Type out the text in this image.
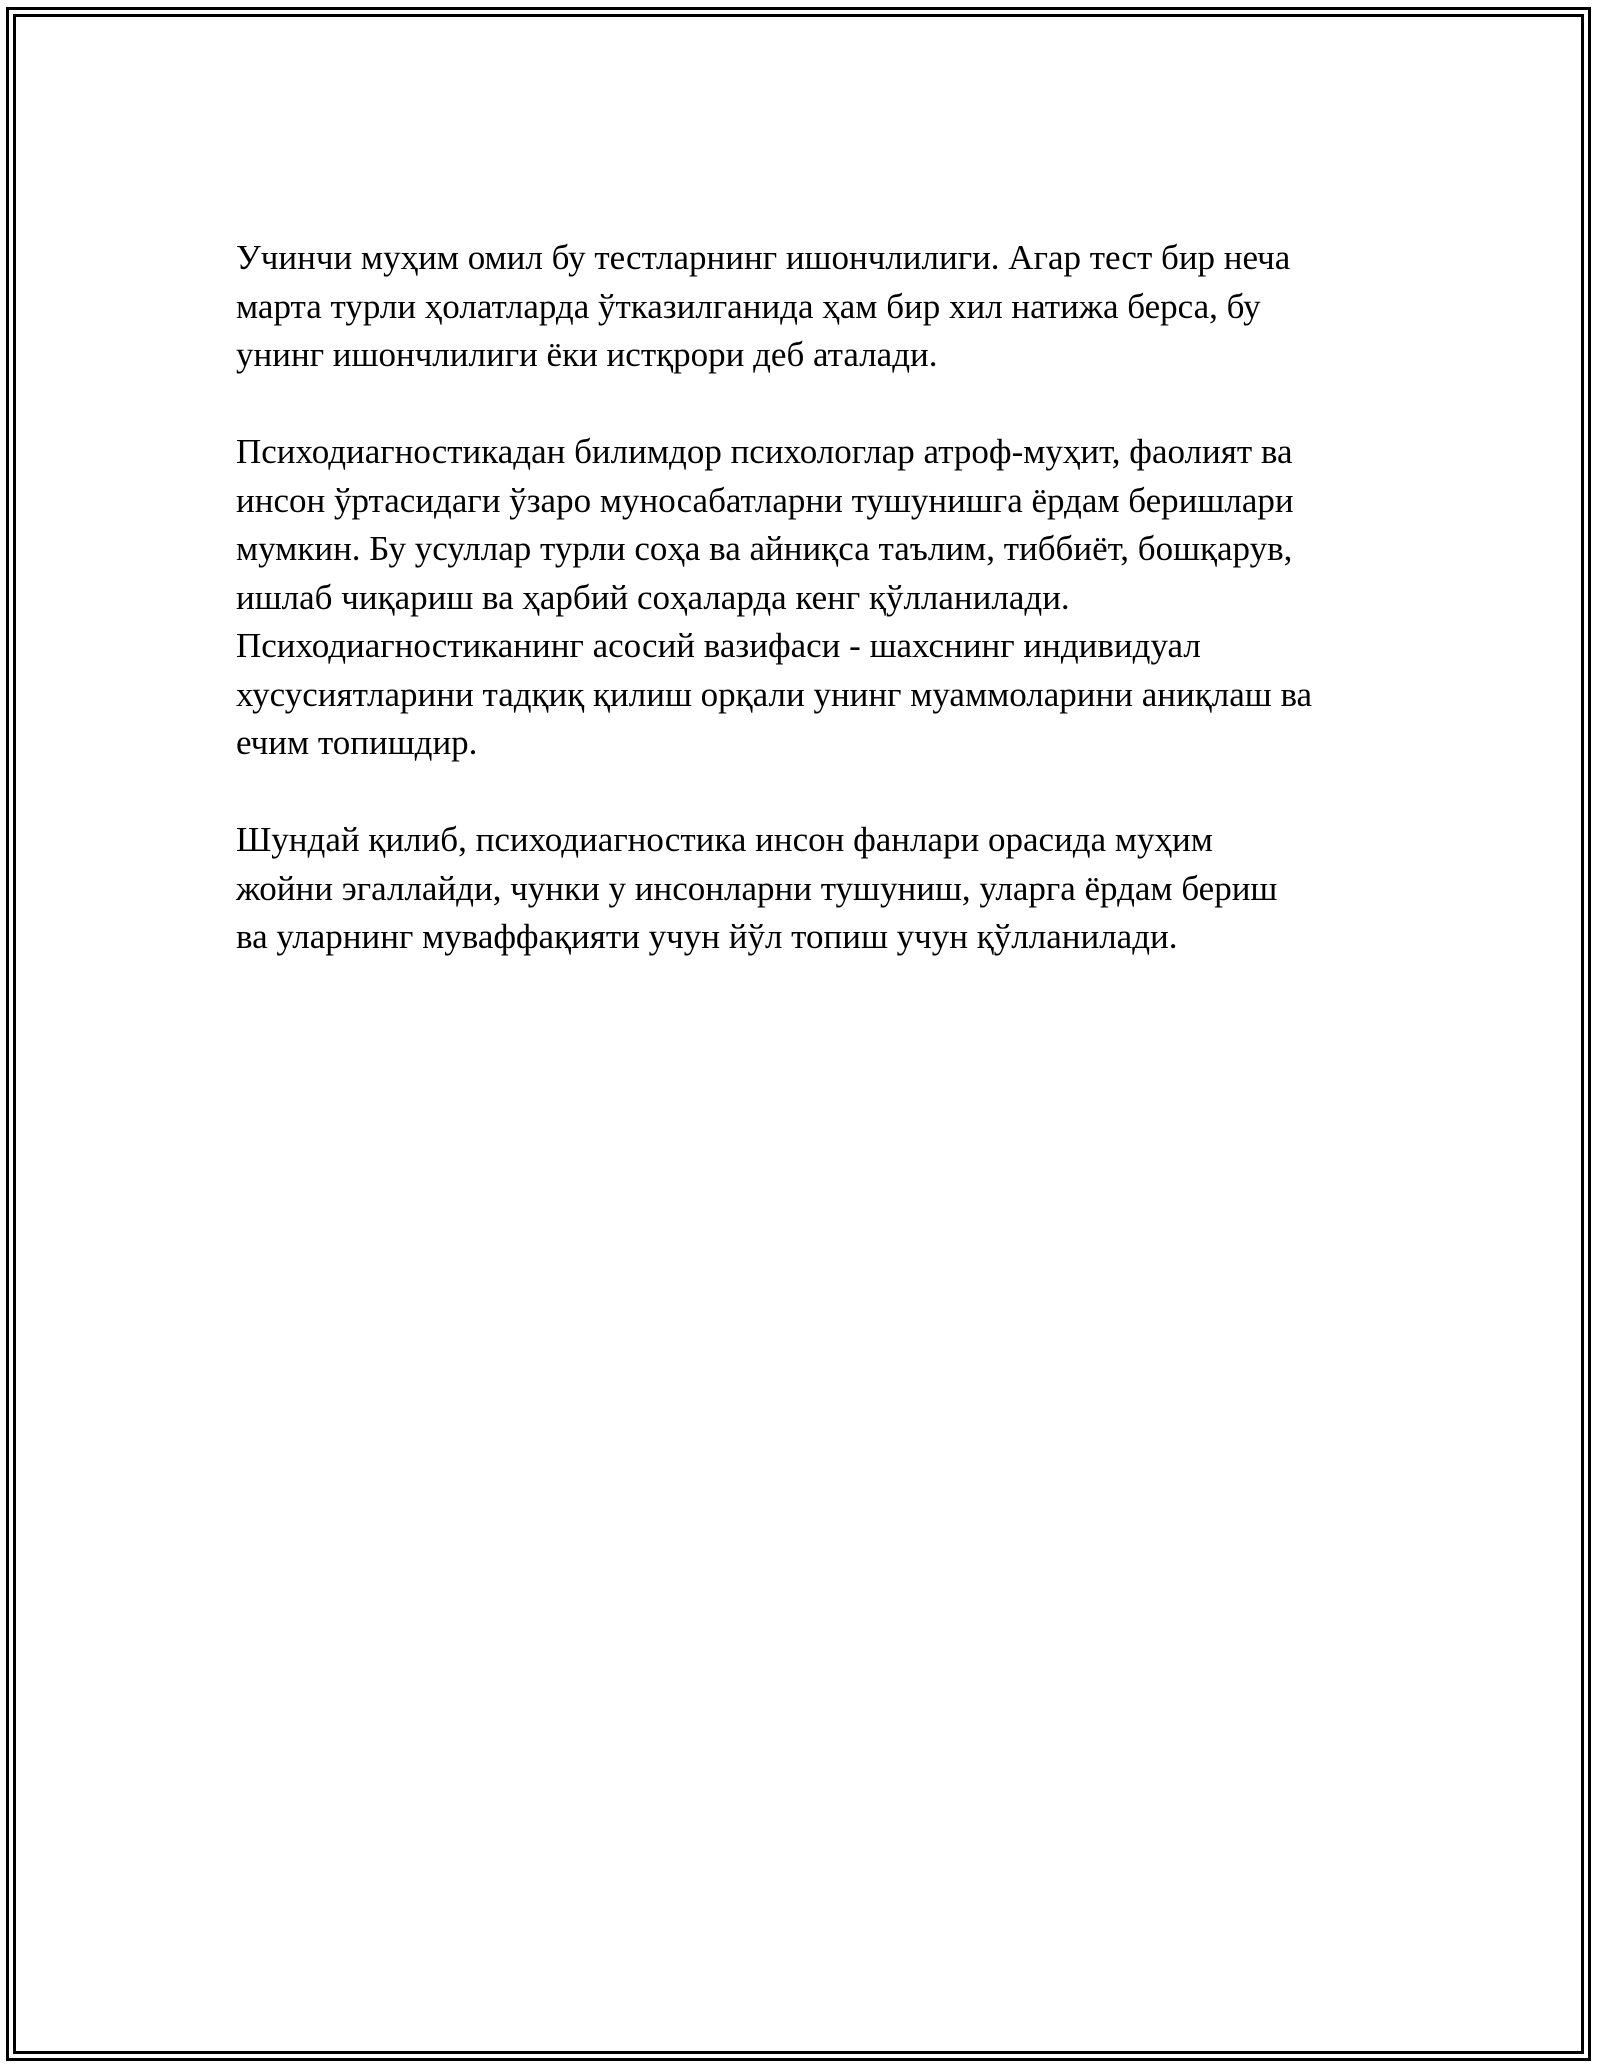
Учинчи муҳим омил бу тестларнинг ишончлилиги. Агар тест бир неча
марта турли ҳолатларда ўтказилганида ҳам бир хил натижа берса, бу
унинг ишончлилиги ёки истқрори деб аталади.

Психодиагностикадан билимдор психологлар атроф-муҳит, фаолият ва
инсон ўртасидаги ўзаро муносабатларни тушунишга ёрдам беришлари
мумкин. Бу усуллар турли соҳа ва айниқса таълим, тиббиёт, бошқарув,
ишлаб чиқариш ва ҳарбий соҳаларда кенг қўлланилади.
Психодиагностиканинг асосий вазифаси - шахснинг индивидуал
хусусиятларини тадқиқ қилиш орқали унинг муаммоларини аниқлаш ва
ечим топишдир.

Шундай қилиб, психодиагностика инсон фанлари орасида муҳим
жойни эгаллайди, чунки у инсонларни тушуниш, уларга ёрдам бериш
ва уларнинг муваффақияти учун йўл топиш учун қўлланилади.
